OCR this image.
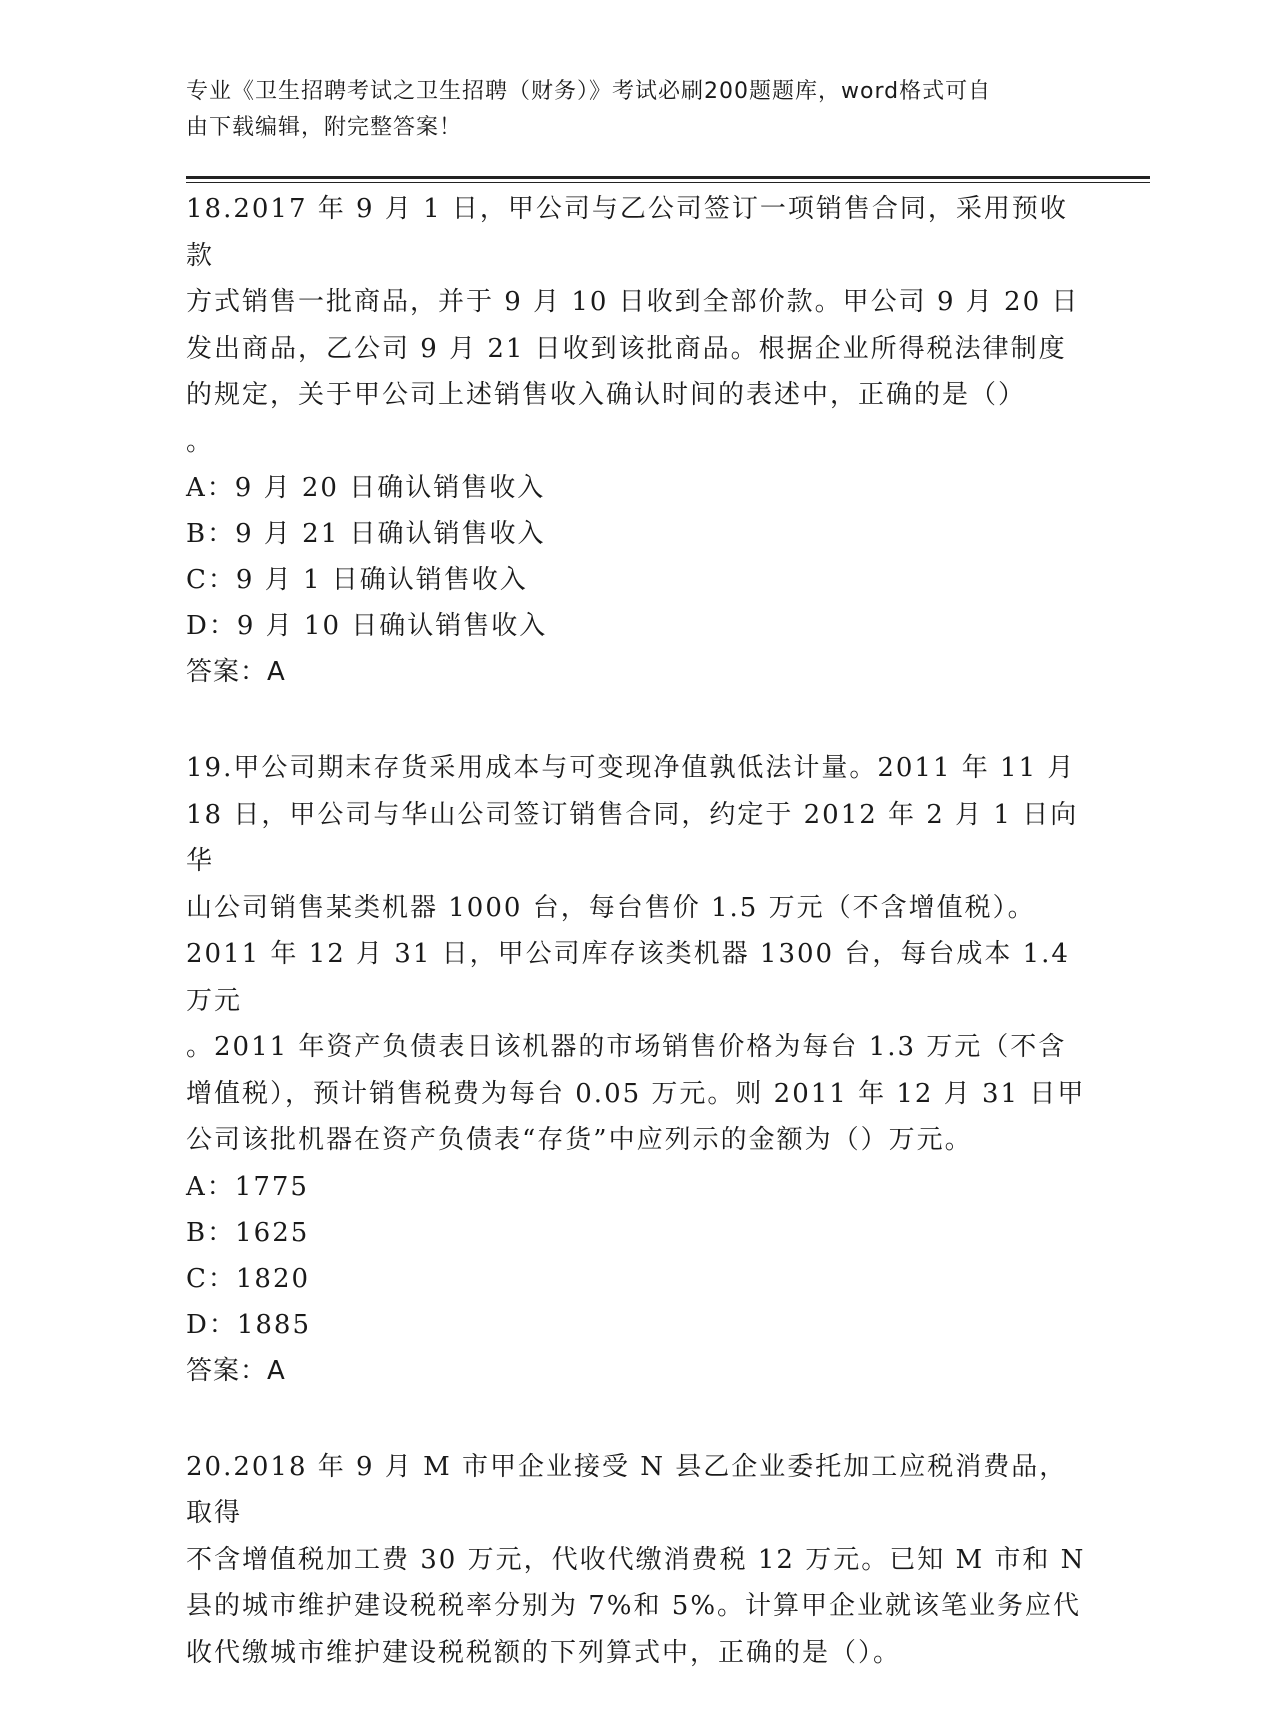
专业《卫生招聘考试之卫生招聘（财务）》考试必刷200题题库，word格式可自
由下载编辑，附完整答案！
18.2017 年 9 月 1 日，甲公司与乙公司签订一项销售合同，采用预收款
方式销售一批商品，并于 9 月 10 日收到全部价款。甲公司 9 月 20 日
发出商品，乙公司 9 月 21 日收到该批商品。根据企业所得税法律制度
的规定，关于甲公司上述销售收入确认时间的表述中，正确的是（）
。
A：9 月 20 日确认销售收入
B：9 月 21 日确认销售收入
C：9 月 1 日确认销售收入
D：9 月 10 日确认销售收入
答案：A
19.甲公司期末存货采用成本与可变现净值孰低法计量。2011 年 11 月
18 日，甲公司与华山公司签订销售合同，约定于 2012 年 2 月 1 日向华
山公司销售某类机器 1000 台，每台售价 1.5 万元（不含增值税）。
2011 年 12 月 31 日，甲公司库存该类机器 1300 台，每台成本 1.4 万元
。2011 年资产负债表日该机器的市场销售价格为每台 1.3 万元（不含
增值税），预计销售税费为每台 0.05 万元。则 2011 年 12 月 31 日甲
公司该批机器在资产负债表“存货”中应列示的金额为（）万元。
A：1775
B：1625
C：1820
D：1885
答案：A
20.2018 年 9 月 M 市甲企业接受 N 县乙企业委托加工应税消费品，取得
不含增值税加工费 30 万元，代收代缴消费税 12 万元。已知 M 市和 N
县的城市维护建设税税率分别为 7%和 5%。计算甲企业就该笔业务应代
收代缴城市维护建设税税额的下列算式中，正确的是（）。
